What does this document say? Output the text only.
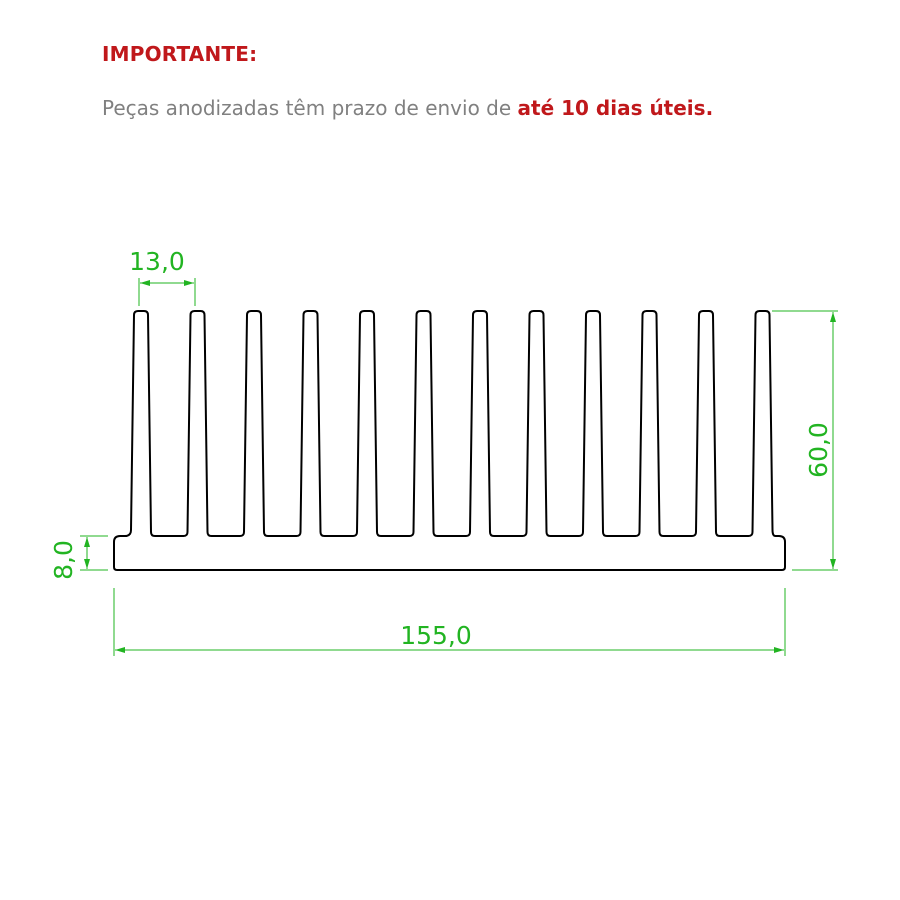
IMPORTANTE:
Peças anodizadas têm prazo de envio de até 10 dias úteis.
13,0
155,0
60,0
8,0
